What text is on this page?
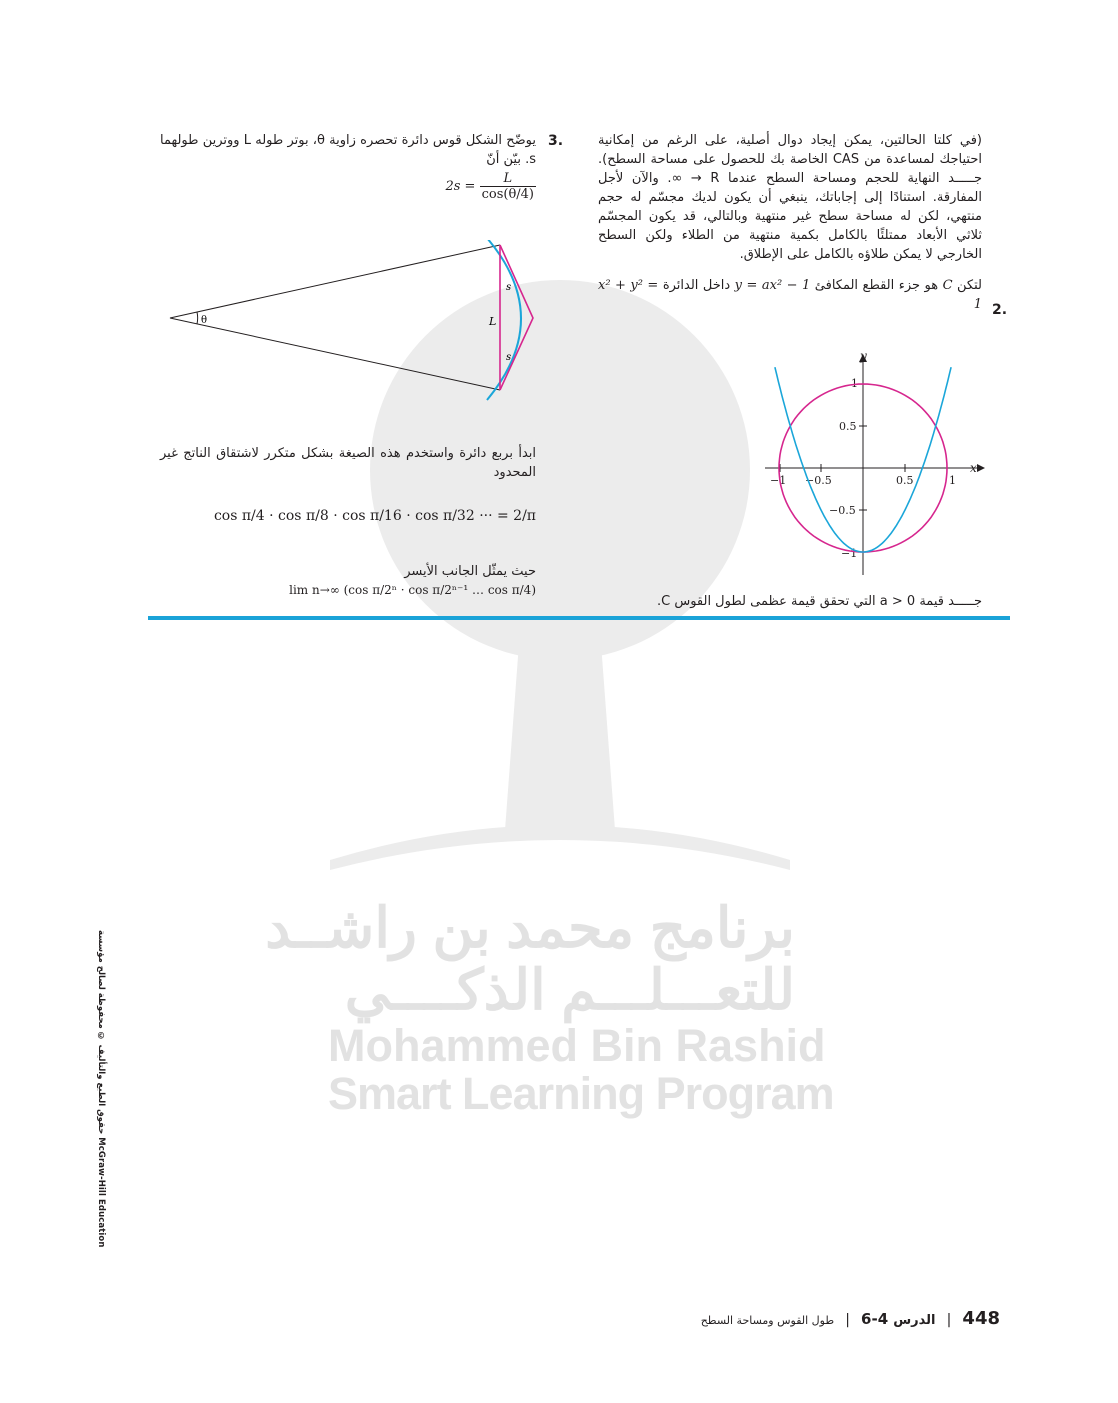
برنامج محمد بن راشــد
للتعـــلـــم الذكــــي
Mohammed Bin Rashid
Smart Learning Program
(في كلتا الحالتين، يمكن إيجاد دوال أصلية، على الرغم من إمكانية احتياجك لمساعدة من CAS الخاصة بك للحصول على مساحة السطح). جـــــد النهاية للحجم ومساحة السطح عندما R → ∞. والآن لأجل المفارقة. استنادًا إلى إجاباتك، ينبغي أن يكون لديك مجسّم له حجم منتهي، لكن له مساحة سطح غير منتهية وبالتالي، قد يكون المجسّم ثلاثي الأبعاد ممتلئًا بالكامل بكمية منتهية من الطلاء ولكن السطح الخارجي لا يمكن طلاؤه بالكامل على الإطلاق.
لتكن C هو جزء القطع المكافئ y = ax² − 1 داخل الدائرة x² + y² = 1 2.
x
y
−1 −0.5	0.5	1
1
0.5
−0.5
−1
جـــــد قيمة a > 0 التي تحقق قيمة عظمى لطول القوس C.
3.
يوضّح الشكل قوس دائرة تحصره زاوية θ، بوتر طوله L ووترين طولهما s. بيّن أنّ
$2s = \frac{L}{\cos(\theta/4)}$
θ	L
s
s
ابدأ بربع دائرة واستخدم هذه الصيغة بشكل متكرر لاشتقاق الناتج غير المحدود
cos π/4 · cos π/8 · cos π/16 · cos π/32 ··· = 2/π
حيث يمثّل الجانب الأيسر
lim n→∞ (cos π/2ⁿ · cos π/2ⁿ⁻¹ … cos π/4)
حقوق الطبع والتأليف © محفوظة لصالح مؤسسة McGraw-Hill Education
448 | الدرس 6-4 | طول القوس ومساحة السطح
